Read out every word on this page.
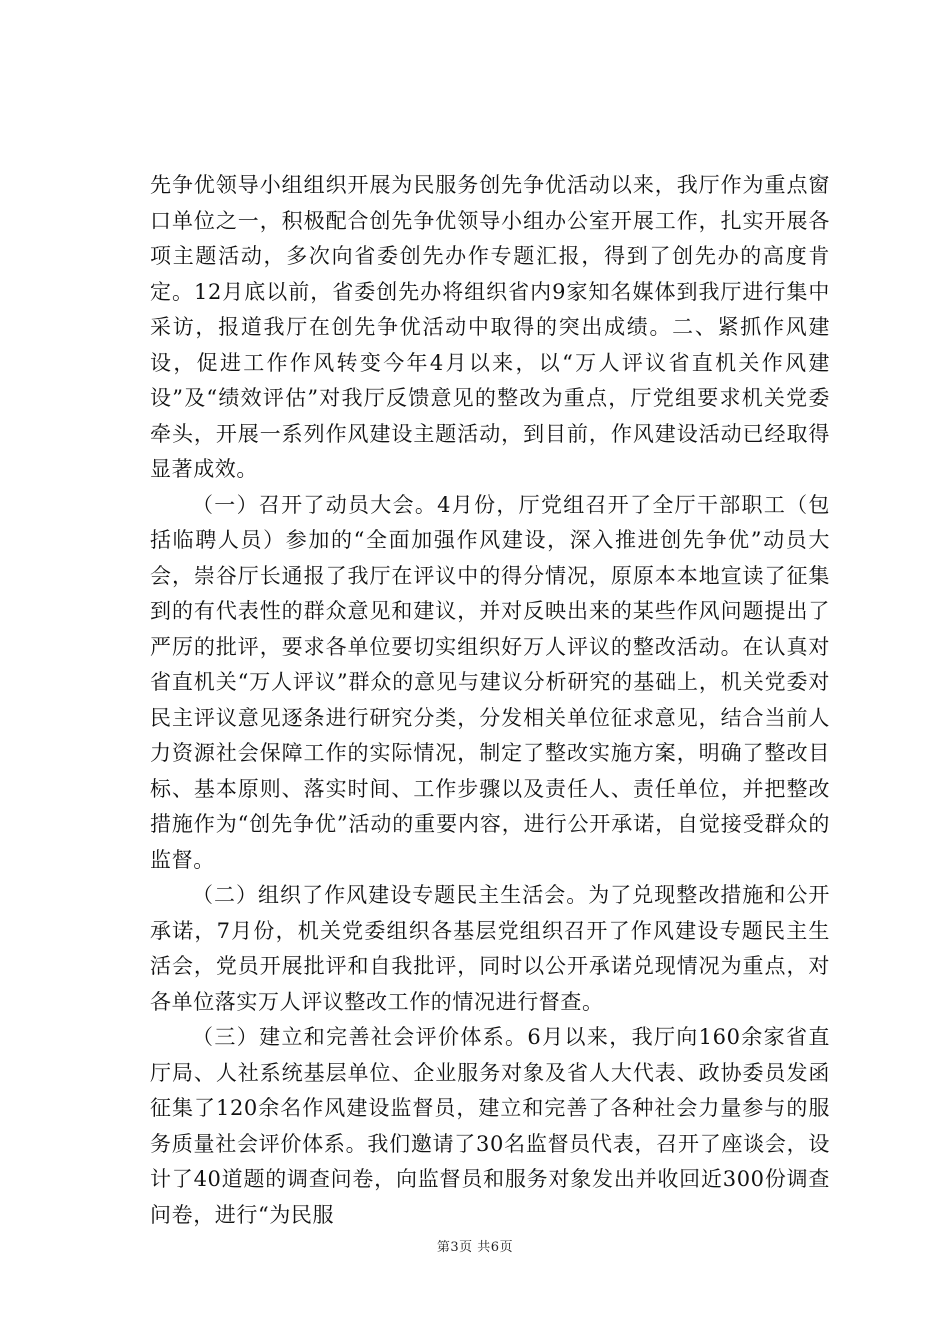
先争优领导小组组织开展为民服务创先争优活动以来，我厅作为重点窗口单位之一，积极配合创先争优领导小组办公室开展工作，扎实开展各项主题活动，多次向省委创先办作专题汇报，得到了创先办的高度肯定。12月底以前，省委创先办将组织省内9家知名媒体到我厅进行集中采访，报道我厅在创先争优活动中取得的突出成绩。二、紧抓作风建设，促进工作作风转变今年4月以来，以“万人评议省直机关作风建设”及“绩效评估”对我厅反馈意见的整改为重点，厅党组要求机关党委牵头，开展一系列作风建设主题活动，到目前，作风建设活动已经取得显著成效。

（一）召开了动员大会。4月份，厅党组召开了全厅干部职工（包括临聘人员）参加的“全面加强作风建设，深入推进创先争优”动员大会，崇谷厅长通报了我厅在评议中的得分情况，原原本本地宣读了征集到的有代表性的群众意见和建议，并对反映出来的某些作风问题提出了严厉的批评，要求各单位要切实组织好万人评议的整改活动。在认真对省直机关“万人评议”群众的意见与建议分析研究的基础上，机关党委对民主评议意见逐条进行研究分类，分发相关单位征求意见，结合当前人力资源社会保障工作的实际情况，制定了整改实施方案，明确了整改目标、基本原则、落实时间、工作步骤以及责任人、责任单位，并把整改措施作为“创先争优”活动的重要内容，进行公开承诺，自觉接受群众的监督。

（二）组织了作风建设专题民主生活会。为了兑现整改措施和公开承诺，7月份，机关党委组织各基层党组织召开了作风建设专题民主生活会，党员开展批评和自我批评，同时以公开承诺兑现情况为重点，对各单位落实万人评议整改工作的情况进行督查。

（三）建立和完善社会评价体系。6月以来，我厅向160余家省直厅局、人社系统基层单位、企业服务对象及省人大代表、政协委员发函征集了120余名作风建设监督员，建立和完善了各种社会力量参与的服务质量社会评价体系。我们邀请了30名监督员代表，召开了座谈会，设计了40道题的调查问卷，向监督员和服务对象发出并收回近300份调查问卷，进行“为民服

第3页 共6页
